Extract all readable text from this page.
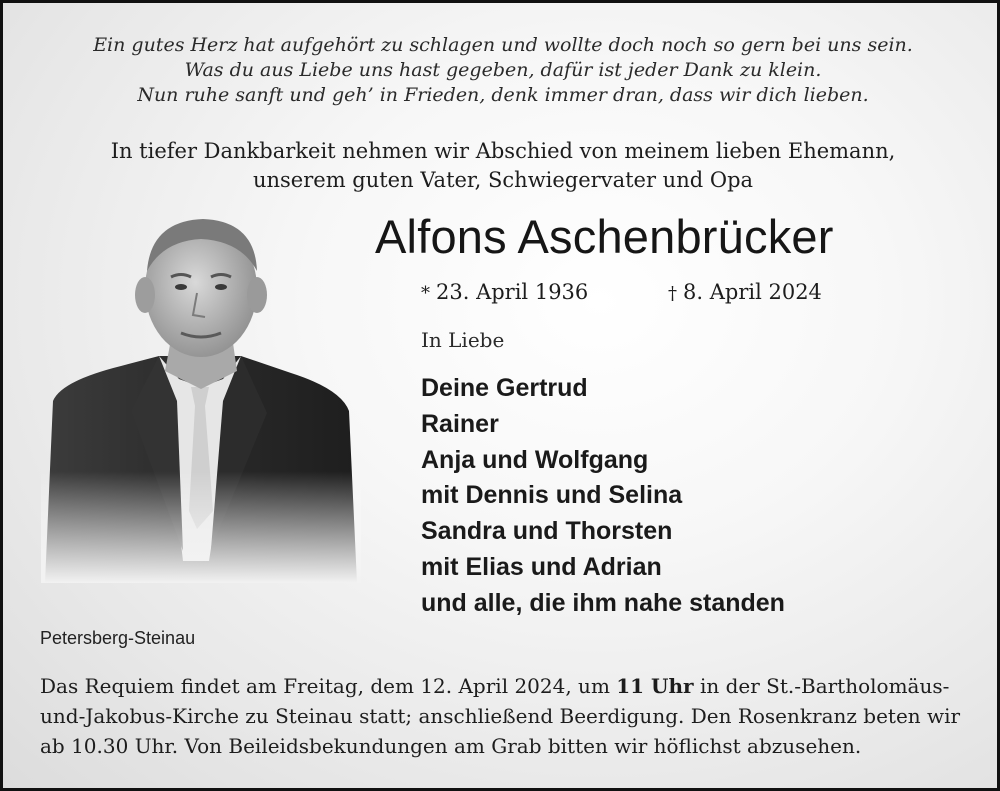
Ein gutes Herz hat aufgehört zu schlagen und wollte doch noch so gern bei uns sein.
Was du aus Liebe uns hast gegeben, dafür ist jeder Dank zu klein.
Nun ruhe sanft und geh’ in Frieden, denk immer dran, dass wir dich lieben.
In tiefer Dankbarkeit nehmen wir Abschied von meinem lieben Ehemann,
unserem guten Vater, Schwiegervater und Opa
Alfons Aschenbrücker
* 23. April 1936	† 8. April 2024
In Liebe
Deine Gertrud
Rainer
Anja und Wolfgang
mit Dennis und Selina
Sandra und Thorsten
mit Elias und Adrian
und alle, die ihm nahe standen
Petersberg-Steinau
Das Requiem findet am Freitag, dem 12. April 2024, um 11 Uhr in der St.-Bartholomäus-und-Jakobus-Kirche zu Steinau statt; anschließend Beerdigung. Den Rosenkranz beten wir ab 10.30 Uhr. Von Beileidsbekundungen am Grab bitten wir höflichst abzusehen.
